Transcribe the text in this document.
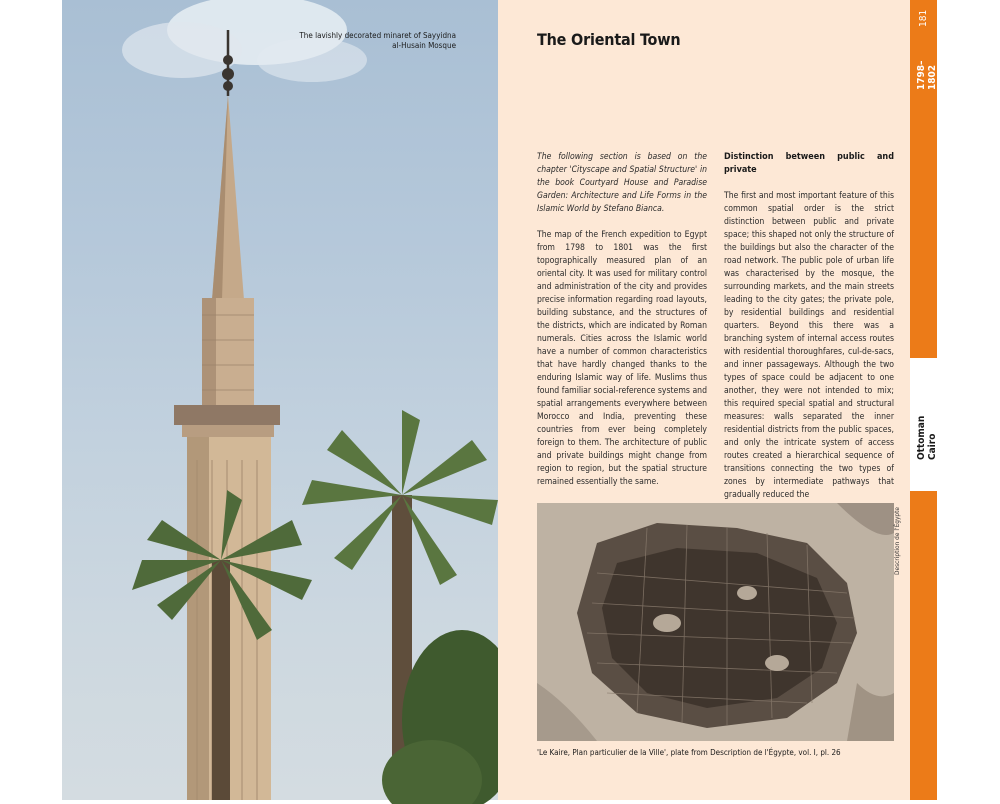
The lavishly decorated minaret of Sayyidna al-Husain Mosque	The Oriental Town

The following section is based on the chapter 'Cityscape and Spatial Structure' in the book Courtyard House and Paradise Garden: Architecture and Life Forms in the Islamic World by Stefano Bianca.

The map of the French expedition to Egypt from 1798 to 1801 was the first topographically measured plan of an oriental city. It was used for military control and administration of the city and provides precise information regarding road layouts, building substance, and the structures of the districts, which are indicated by Roman numerals. Cities across the Islamic world have a number of common characteristics that have hardly changed thanks to the enduring Islamic way of life. Muslims thus found familiar social-reference systems and spatial arrangements everywhere between Morocco and India, preventing these countries from ever being completely foreign to them. The architecture of public and private buildings might change from region to region, but the spatial structure remained essentially the same.

Distinction between public and private

The first and most important feature of this common spatial order is the strict distinction between public and private space; this shaped not only the structure of the buildings but also the character of the road network. The public pole of urban life was characterised by the mosque, the surrounding markets, and the main streets leading to the city gates; the private pole, by residential buildings and residential quarters. Beyond this there was a branching system of internal access routes with residential thoroughfares, cul-de-sacs, and inner passageways. Although the two types of space could be adjacent to one another, they were not intended to mix; this required special spatial and structural measures: walls separated the inner residential districts from the public spaces, and only the intricate system of access routes created a hierarchical sequence of transitions connecting the two types of zones by intermediate pathways that gradually reduced the

'Le Kaire, Plan particulier de la Ville', plate from Description de l'Égypte, vol. I, pl. 26
Description de l'Égypte
181
1798–1802
Ottoman Cairo
